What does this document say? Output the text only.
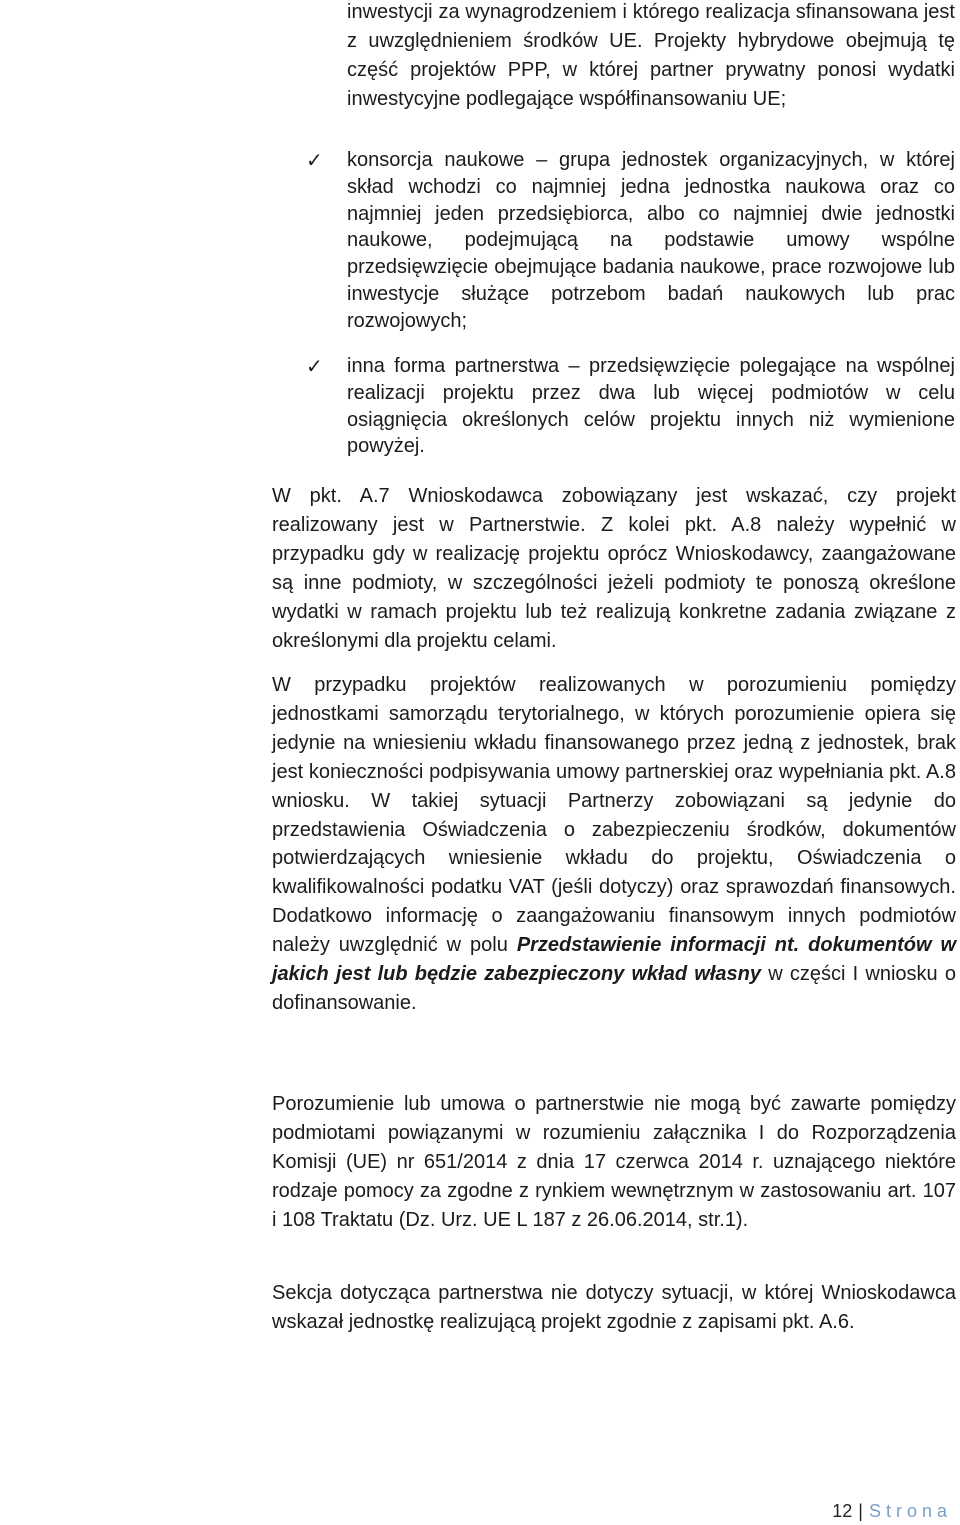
inwestycji za wynagrodzeniem i którego realizacja sfinansowana jest z uwzględnieniem środków UE. Projekty hybrydowe obejmują tę część projektów PPP, w której partner prywatny ponosi wydatki inwestycyjne podlegające współfinansowaniu UE;

✓ konsorcja naukowe – grupa jednostek organizacyjnych, w której skład wchodzi co najmniej jedna jednostka naukowa oraz co najmniej jeden przedsiębiorca, albo co najmniej dwie jednostki naukowe, podejmującą na podstawie umowy wspólne przedsięwzięcie obejmujące badania naukowe, prace rozwojowe lub inwestycje służące potrzebom badań naukowych lub prac rozwojowych;

✓ inna forma partnerstwa – przedsięwzięcie polegające na wspólnej realizacji projektu przez dwa lub więcej podmiotów w celu osiągnięcia określonych celów projektu innych niż wymienione powyżej.

W pkt. A.7 Wnioskodawca zobowiązany jest wskazać, czy projekt realizowany jest w Partnerstwie. Z kolei pkt. A.8 należy wypełnić w przypadku gdy w realizację projektu oprócz Wnioskodawcy, zaangażowane są inne podmioty, w szczególności jeżeli podmioty te ponoszą określone wydatki w ramach projektu lub też realizują konkretne zadania związane z określonymi dla projektu celami.

W przypadku projektów realizowanych w porozumieniu pomiędzy jednostkami samorządu terytorialnego, w których porozumienie opiera się jedynie na wniesieniu wkładu finansowanego przez jedną z jednostek, brak jest konieczności podpisywania umowy partnerskiej oraz wypełniania pkt. A.8 wniosku. W takiej sytuacji Partnerzy zobowiązani są jedynie do przedstawienia Oświadczenia o zabezpieczeniu środków, dokumentów potwierdzających wniesienie wkładu do projektu, Oświadczenia o kwalifikowalności podatku VAT (jeśli dotyczy) oraz sprawozdań finansowych. Dodatkowo informację o zaangażowaniu finansowym innych podmiotów należy uwzględnić w polu Przedstawienie informacji nt. dokumentów w jakich jest lub będzie zabezpieczony wkład własny w części I wniosku o dofinansowanie.

Porozumienie lub umowa o partnerstwie nie mogą być zawarte pomiędzy podmiotami powiązanymi w rozumieniu załącznika I do Rozporządzenia Komisji (UE) nr 651/2014 z dnia 17 czerwca 2014 r. uznającego niektóre rodzaje pomocy za zgodne z rynkiem wewnętrznym w zastosowaniu art. 107 i 108 Traktatu (Dz. Urz. UE L 187 z 26.06.2014, str.1).

Sekcja dotycząca partnerstwa nie dotyczy sytuacji, w której Wnioskodawca wskazał jednostkę realizującą projekt zgodnie z zapisami pkt. A.6.

12 | Strona
